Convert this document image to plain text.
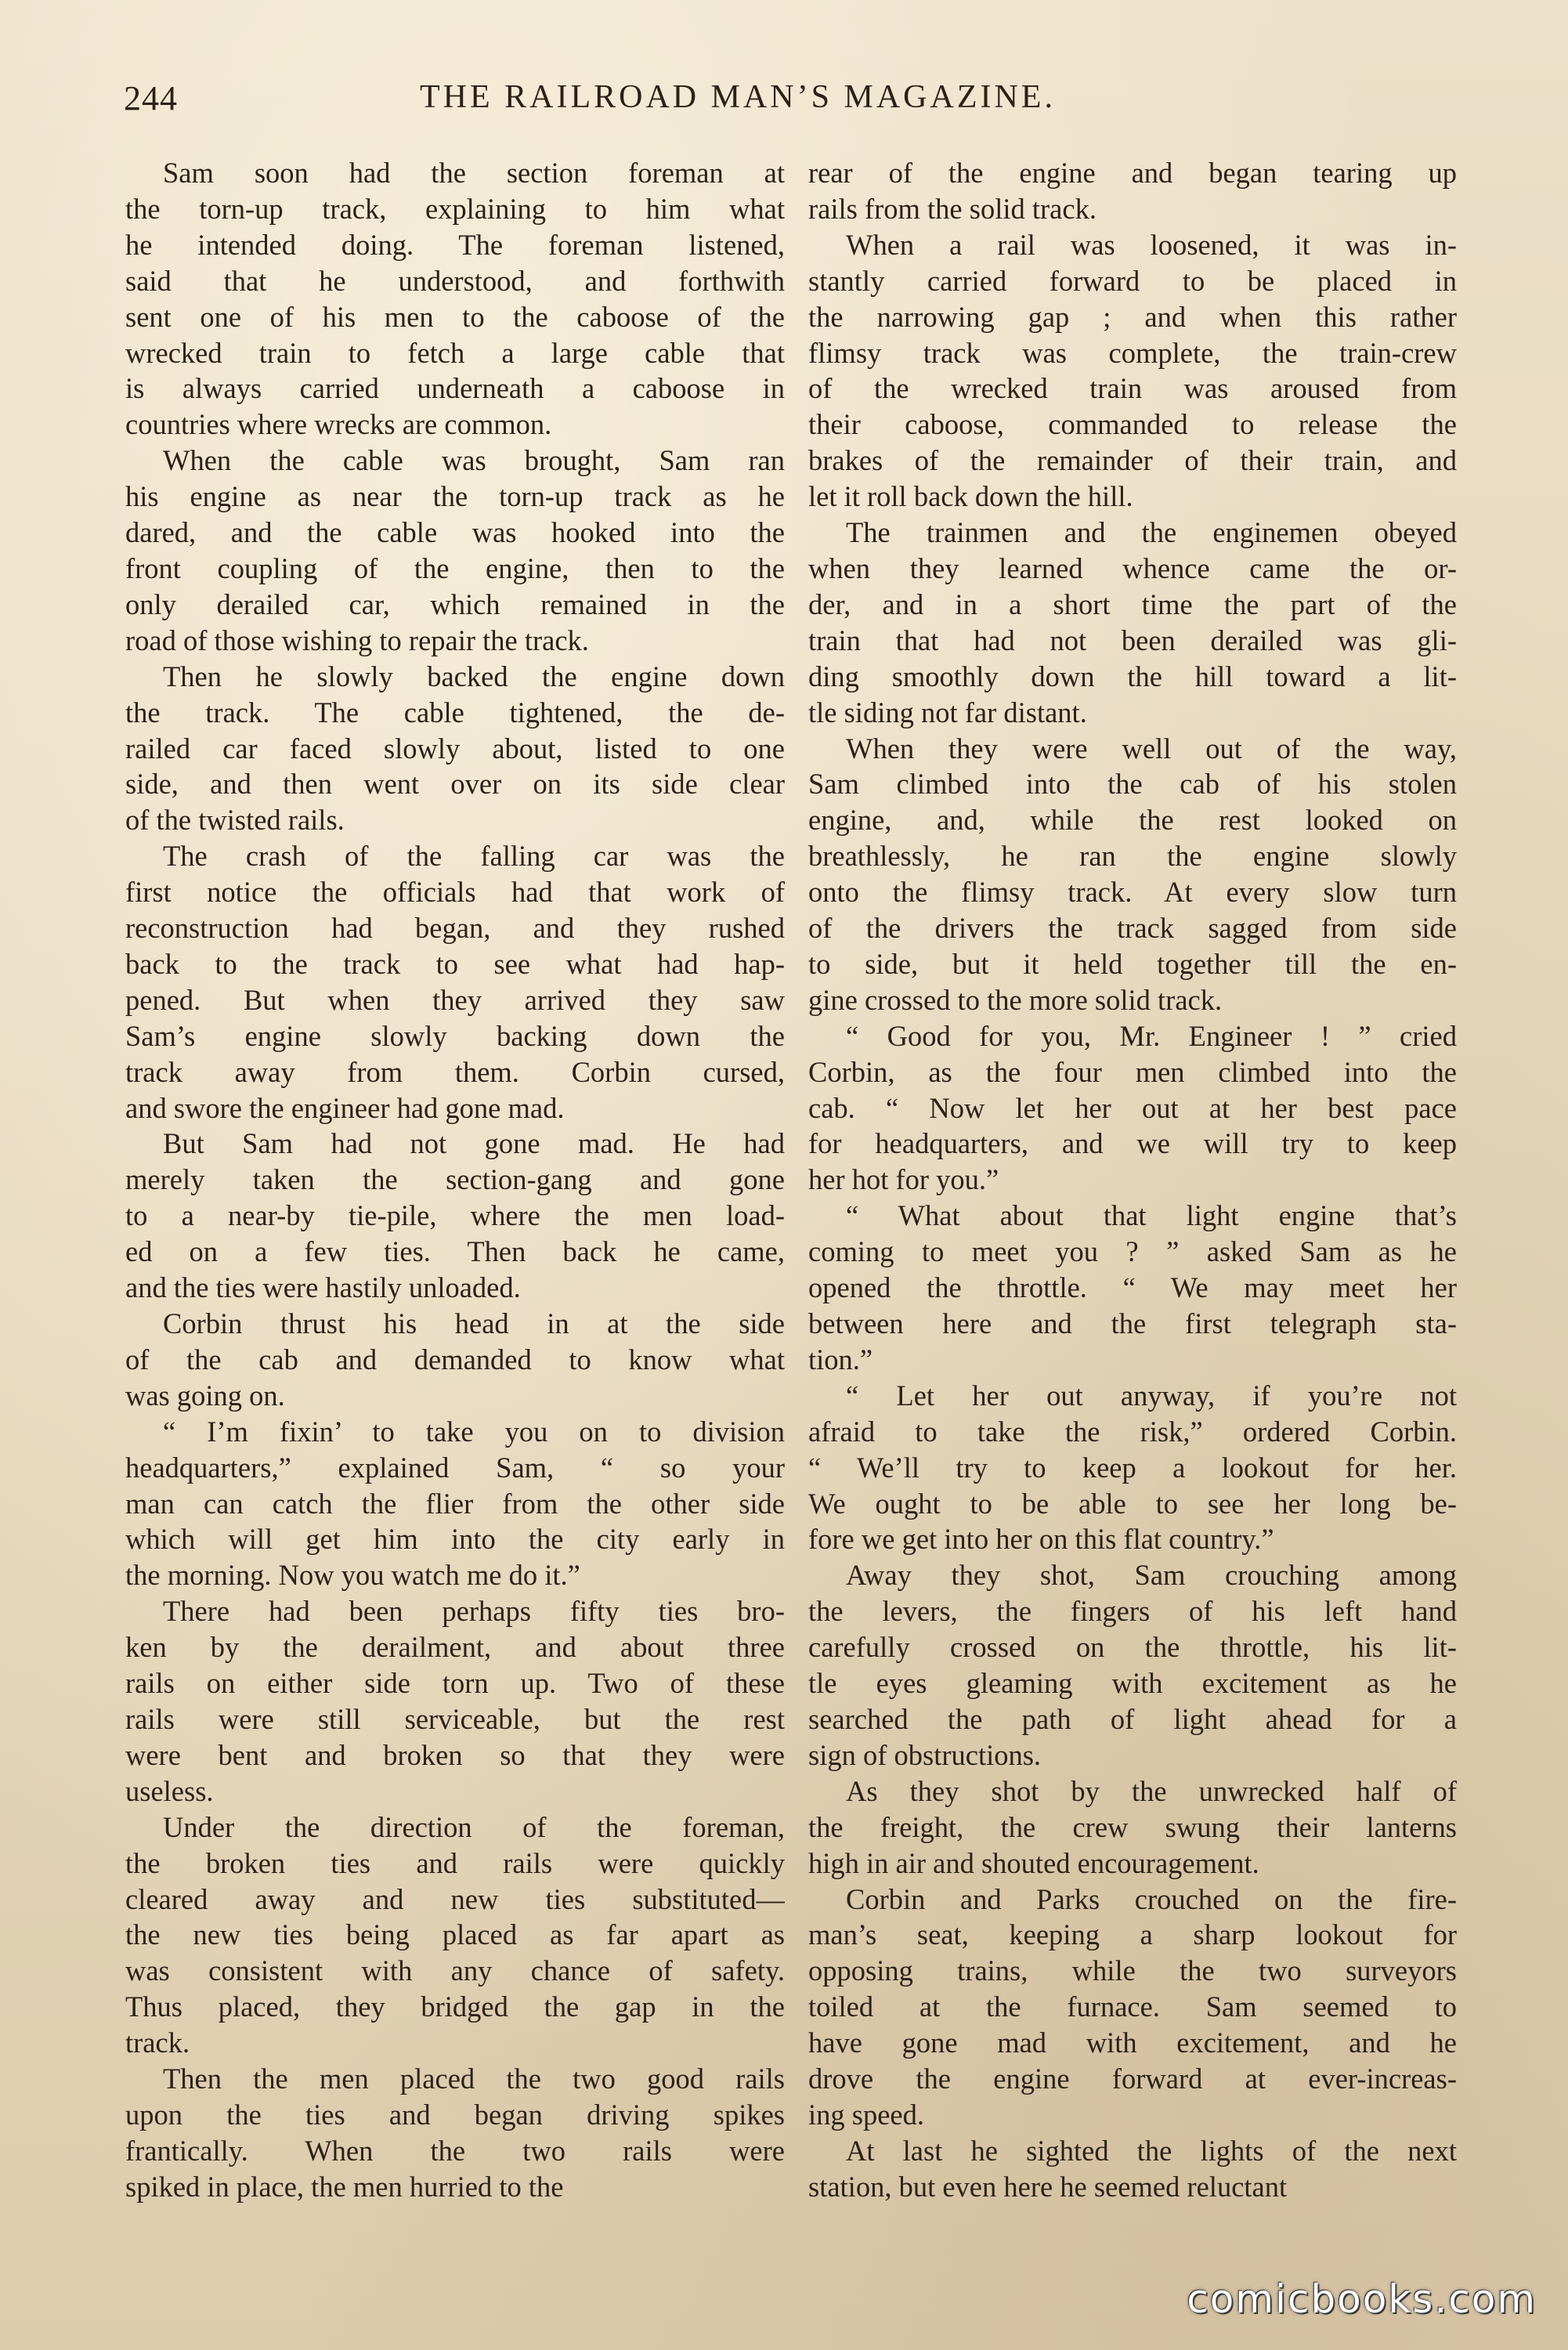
244	THE RAILROAD MAN’S MAGAZINE.
Sam soon had the section foreman at
the torn-up track, explaining to him what
he intended doing. The foreman listened,
said that he understood, and forthwith
sent one of his men to the caboose of the
wrecked train to fetch a large cable that
is always carried underneath a caboose in
countries where wrecks are common.
When the cable was brought, Sam ran
his engine as near the torn-up track as he
dared, and the cable was hooked into the
front coupling of the engine, then to the
only derailed car, which remained in the
road of those wishing to repair the track.
Then he slowly backed the engine down
the track. The cable tightened, the de-
railed car faced slowly about, listed to one
side, and then went over on its side clear
of the twisted rails.
The crash of the falling car was the
first notice the officials had that work of
reconstruction had began, and they rushed
back to the track to see what had hap-
pened. But when they arrived they saw
Sam’s engine slowly backing down the
track away from them. Corbin cursed,
and swore the engineer had gone mad.
But Sam had not gone mad. He had
merely taken the section-gang and gone
to a near-by tie-pile, where the men load-
ed on a few ties. Then back he came,
and the ties were hastily unloaded.
Corbin thrust his head in at the side
of the cab and demanded to know what
was going on.
“ I’m fixin’ to take you on to division
headquarters,” explained Sam, “ so your
man can catch the flier from the other side
which will get him into the city early in
the morning. Now you watch me do it.”
There had been perhaps fifty ties bro-
ken by the derailment, and about three
rails on either side torn up. Two of these
rails were still serviceable, but the rest
were bent and broken so that they were
useless.
Under the direction of the foreman,
the broken ties and rails were quickly
cleared away and new ties substituted—
the new ties being placed as far apart as
was consistent with any chance of safety.
Thus placed, they bridged the gap in the
track.
Then the men placed the two good rails
upon the ties and began driving spikes
frantically. When the two rails were
spiked in place, the men hurried to the
rear of the engine and began tearing up
rails from the solid track.
When a rail was loosened, it was in-
stantly carried forward to be placed in
the narrowing gap ; and when this rather
flimsy track was complete, the train-crew
of the wrecked train was aroused from
their caboose, commanded to release the
brakes of the remainder of their train, and
let it roll back down the hill.
The trainmen and the enginemen obeyed
when they learned whence came the or-
der, and in a short time the part of the
train that had not been derailed was gli-
ding smoothly down the hill toward a lit-
tle siding not far distant.
When they were well out of the way,
Sam climbed into the cab of his stolen
engine, and, while the rest looked on
breathlessly, he ran the engine slowly
onto the flimsy track. At every slow turn
of the drivers the track sagged from side
to side, but it held together till the en-
gine crossed to the more solid track.
“ Good for you, Mr. Engineer ! ” cried
Corbin, as the four men climbed into the
cab. “ Now let her out at her best pace
for headquarters, and we will try to keep
her hot for you.”
“ What about that light engine that’s
coming to meet you ? ” asked Sam as he
opened the throttle. “ We may meet her
between here and the first telegraph sta-
tion.”
“ Let her out anyway, if you’re not
afraid to take the risk,” ordered Corbin.
“ We’ll try to keep a lookout for her.
We ought to be able to see her long be-
fore we get into her on this flat country.”
Away they shot, Sam crouching among
the levers, the fingers of his left hand
carefully crossed on the throttle, his lit-
tle eyes gleaming with excitement as he
searched the path of light ahead for a
sign of obstructions.
As they shot by the unwrecked half of
the freight, the crew swung their lanterns
high in air and shouted encouragement.
Corbin and Parks crouched on the fire-
man’s seat, keeping a sharp lookout for
opposing trains, while the two surveyors
toiled at the furnace. Sam seemed to
have gone mad with excitement, and he
drove the engine forward at ever-increas-
ing speed.
At last he sighted the lights of the next
station, but even here he seemed reluctant
comicbooks.com
